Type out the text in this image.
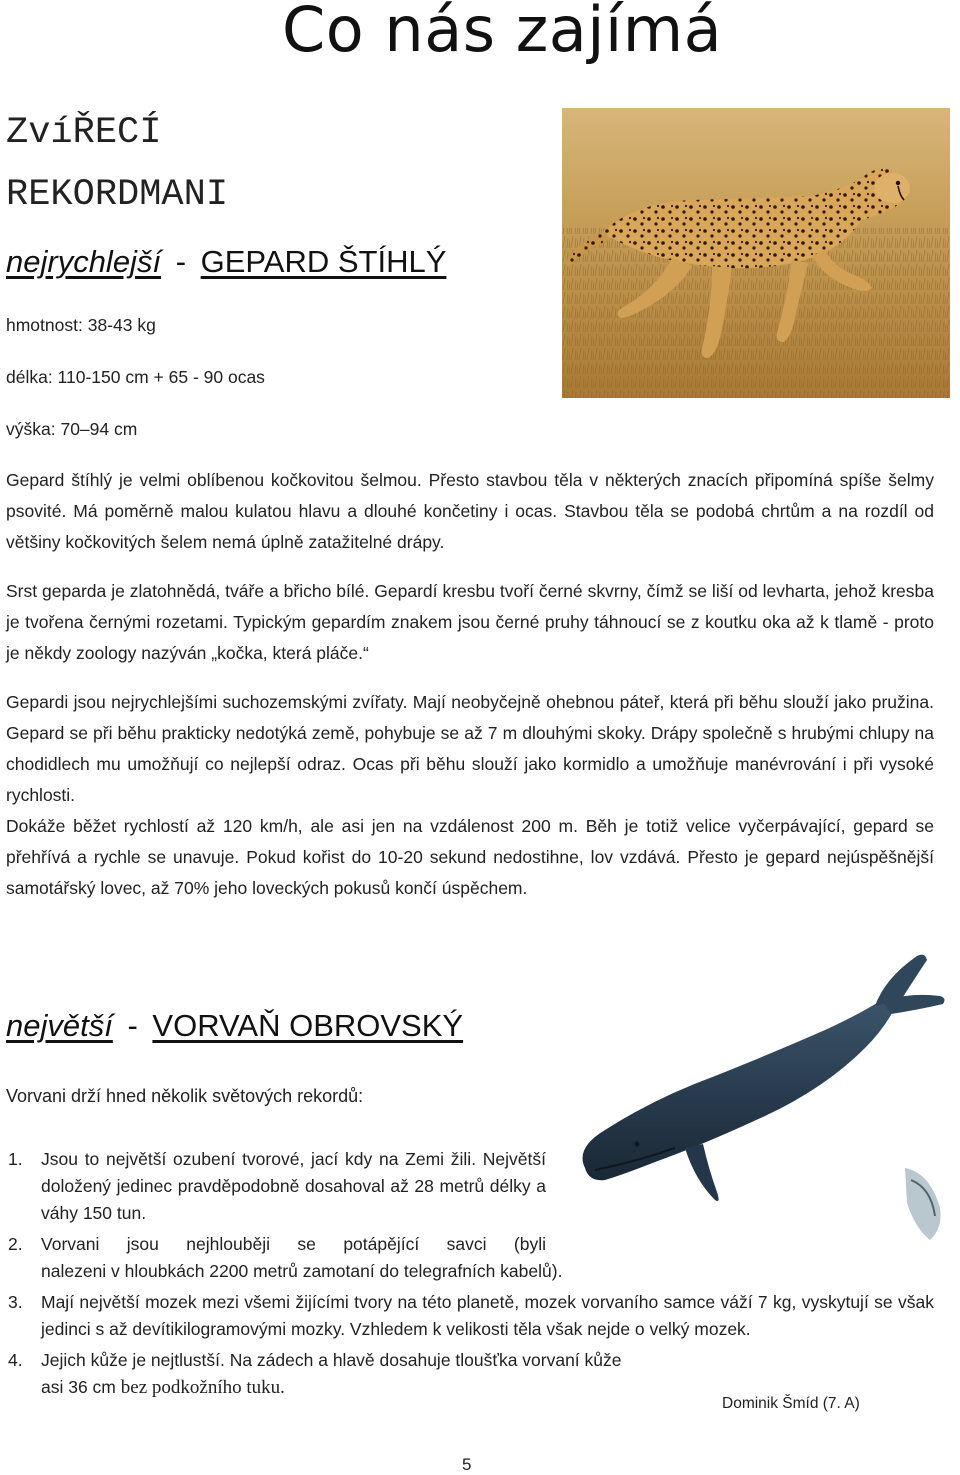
Co nás zajímá
ZvíŘECÍ REKORDMANI
nejrychlejší - GEPARD ŠTÍHLÝ
hmotnost: 38-43 kg
délka: 110-150 cm + 65 - 90 ocas
výška: 70–94 cm

Gepard štíhlý je velmi oblíbenou kočkovitou šelmou. Přesto stavbou těla v některých znacích připomíná spíše šelmy psovité. Má poměrně malou kulatou hlavu a dlouhé končetiny i ocas. Stavbou těla se podobá chrtům a na rozdíl od většiny kočkovitých šelem nemá úplně zatažitelné drápy.

Srst geparda je zlatohnědá, tváře a břicho bílé. Gepardí kresbu tvoří černé skvrny, čímž se liší od levharta, jehož kresba je tvořena černými rozetami. Typickým gepardím znakem jsou černé pruhy táhnoucí se z koutku oka až k tlamě - proto je někdy zoology nazýván „kočka, která pláče.“

Gepardi jsou nejrychlejšími suchozemskými zvířaty. Mají neobyčejně ohebnou páteř, která při běhu slouží jako pružina. Gepard se při běhu prakticky nedotýká země, pohybuje se až 7 m dlouhými skoky. Drápy společně s hrubými chlupy na chodidlech mu umožňují co nejlepší odraz. Ocas při běhu slouží jako kormidlo a umožňuje manévrování i při vysoké rychlosti.

Dokáže běžet rychlostí až 120 km/h, ale asi jen na vzdálenost 200 m. Běh je totiž velice vyčerpávající, gepard se přehřívá a rychle se unavuje. Pokud kořist do 10-20 sekund nedostihne, lov vzdává. Přesto je gepard nejúspěšnější samotářský lovec, až 70% jeho loveckých pokusů končí úspěchem.

největší - VORVAŇ OBROVSKÝ
Vorvani drží hned několik světových rekordů:
1. Jsou to největší ozubení tvorové, jací kdy na Zemi žili. Největší doložený jedinec pravděpodobně dosahoval až 28 metrů délky a váhy 150 tun.
2. Vorvani jsou nejhlouběji se potápějící savci (byli
nalezeni v hloubkách 2200 metrů zamotaní do telegrafních kabelů).
3. Mají největší mozek mezi všemi žijícími tvory na této planetě, mozek vorvaního samce váží 7 kg, vyskytují se však jedinci s až devítikilogramovými mozky. Vzhledem k velikosti těla však nejde o velký mozek.
4. Jejich kůže je nejtlustší. Na zádech a hlavě dosahuje tloušťka vorvaní kůže asi 36 cm bez podkožního tuku.
Dominik Šmíd (7. A)
5
